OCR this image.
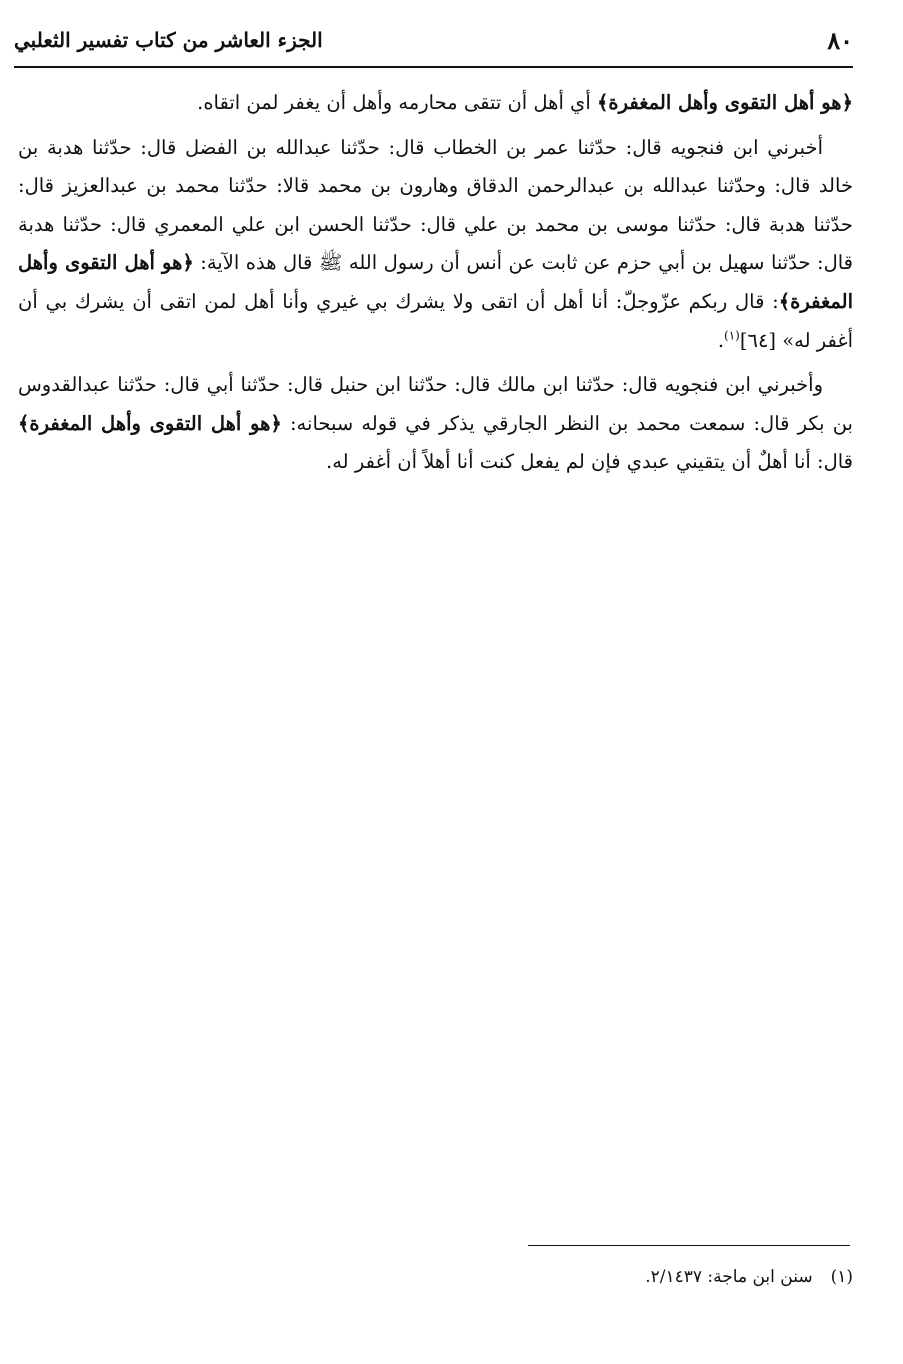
٨٠
الجزء العاشر من كتاب تفسير الثعلبي

﴿هو أهل التقوى وأهل المغفرة﴾ أي أهل أن تتقى محارمه وأهل أن يغفر لمن اتقاه.

أخبرني ابن فنجويه قال: حدّثنا عمر بن الخطاب قال: حدّثنا عبدالله بن الفضل قال: حدّثنا هدبة بن خالد قال: وحدّثنا عبدالله بن عبدالرحمن الدقاق وهارون بن محمد قالا: حدّثنا محمد بن عبدالعزيز قال: حدّثنا هدبة قال: حدّثنا موسى بن محمد بن علي قال: حدّثنا الحسن ابن علي المعمري قال: حدّثنا هدبة قال: حدّثنا سهيل بن أبي حزم عن ثابت عن أنس أن رسول الله ﷺ قال هذه الآية: ﴿هو أهل التقوى وأهل المغفرة﴾: قال ربكم عزّوجلّ: أنا أهل أن اتقى ولا يشرك بي غيري وأنا أهل لمن اتقى أن يشرك بي أن أغفر له» [٦٤]$^{(١)}$.

وأخبرني ابن فنجويه قال: حدّثنا ابن مالك قال: حدّثنا ابن حنبل قال: حدّثنا أبي قال: حدّثنا عبدالقدوس بن بكر قال: سمعت محمد بن النظر الجارقي يذكر في قوله سبحانه: ﴿هو أهل التقوى وأهل المغفرة﴾ قال: أنا أهلٌ أن يتقيني عبدي فإن لم يفعل كنت أنا أهلاً أن أغفر له.

(١)سنن ابن ماجة: ٢/١٤٣٧.
